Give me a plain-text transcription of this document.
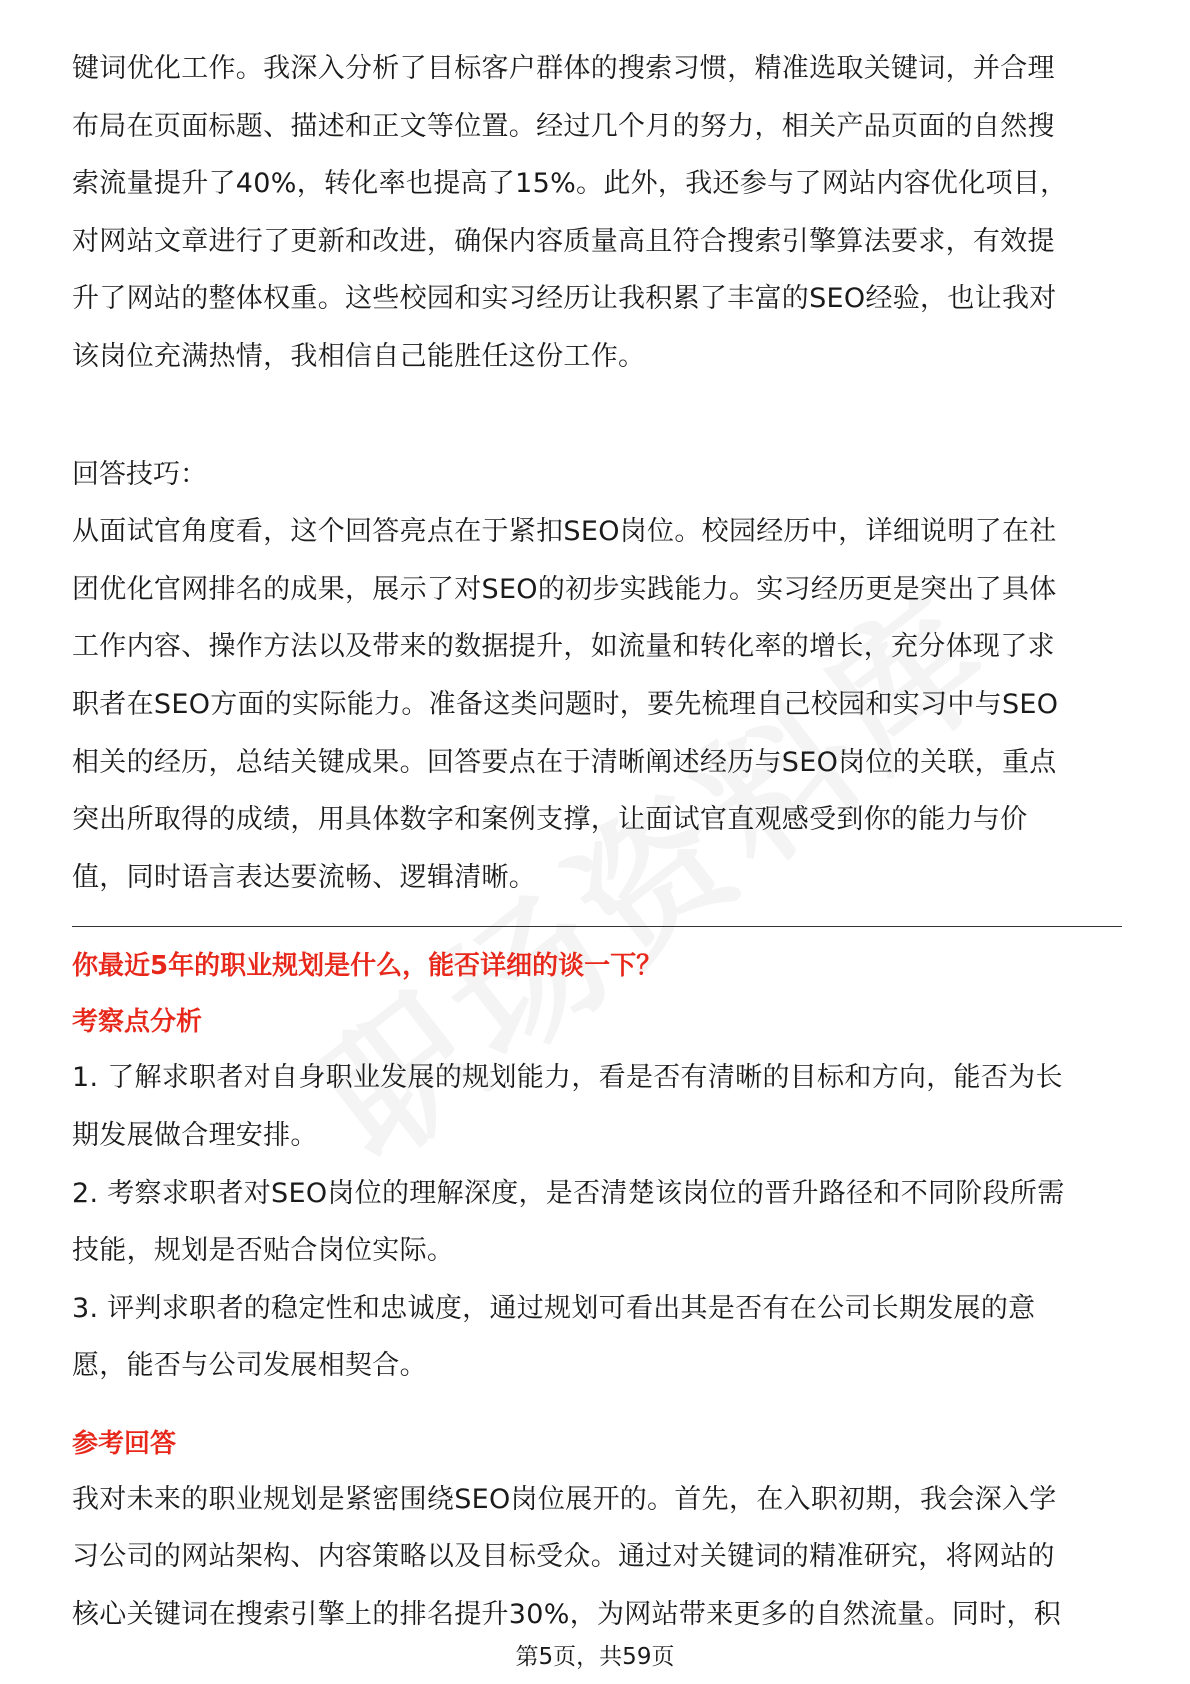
键词优化工作。我深入分析了目标客户群体的搜索习惯，精准选取关键词，并合理

布局在页面标题、描述和正文等位置。经过几个月的努力，相关产品页面的自然搜

索流量提升了40%，转化率也提高了15%。此外，我还参与了网站内容优化项目，

对网站文章进行了更新和改进，确保内容质量高且符合搜索引擎算法要求，有效提

升了网站的整体权重。这些校园和实习经历让我积累了丰富的SEO经验，也让我对

该岗位充满热情，我相信自己能胜任这份工作。

回答技巧：

从面试官角度看，这个回答亮点在于紧扣SEO岗位。校园经历中，详细说明了在社

团优化官网排名的成果，展示了对SEO的初步实践能力。实习经历更是突出了具体

工作内容、操作方法以及带来的数据提升，如流量和转化率的增长，充分体现了求

职者在SEO方面的实际能力。准备这类问题时，要先梳理自己校园和实习中与SEO

相关的经历，总结关键成果。回答要点在于清晰阐述经历与SEO岗位的关联，重点

突出所取得的成绩，用具体数字和案例支撑，让面试官直观感受到你的能力与价

值，同时语言表达要流畅、逻辑清晰。

你最近5年的职业规划是什么，能否详细的谈一下？

考察点分析

1. 了解求职者对自身职业发展的规划能力，看是否有清晰的目标和方向，能否为长

期发展做合理安排。

2. 考察求职者对SEO岗位的理解深度，是否清楚该岗位的晋升路径和不同阶段所需

技能，规划是否贴合岗位实际。

3. 评判求职者的稳定性和忠诚度，通过规划可看出其是否有在公司长期发展的意

愿，能否与公司发展相契合。

参考回答

我对未来的职业规划是紧密围绕SEO岗位展开的。首先，在入职初期，我会深入学

习公司的网站架构、内容策略以及目标受众。通过对关键词的精准研究，将网站的

核心关键词在搜索引擎上的排名提升30%，为网站带来更多的自然流量。同时，积

第5页，共59页
